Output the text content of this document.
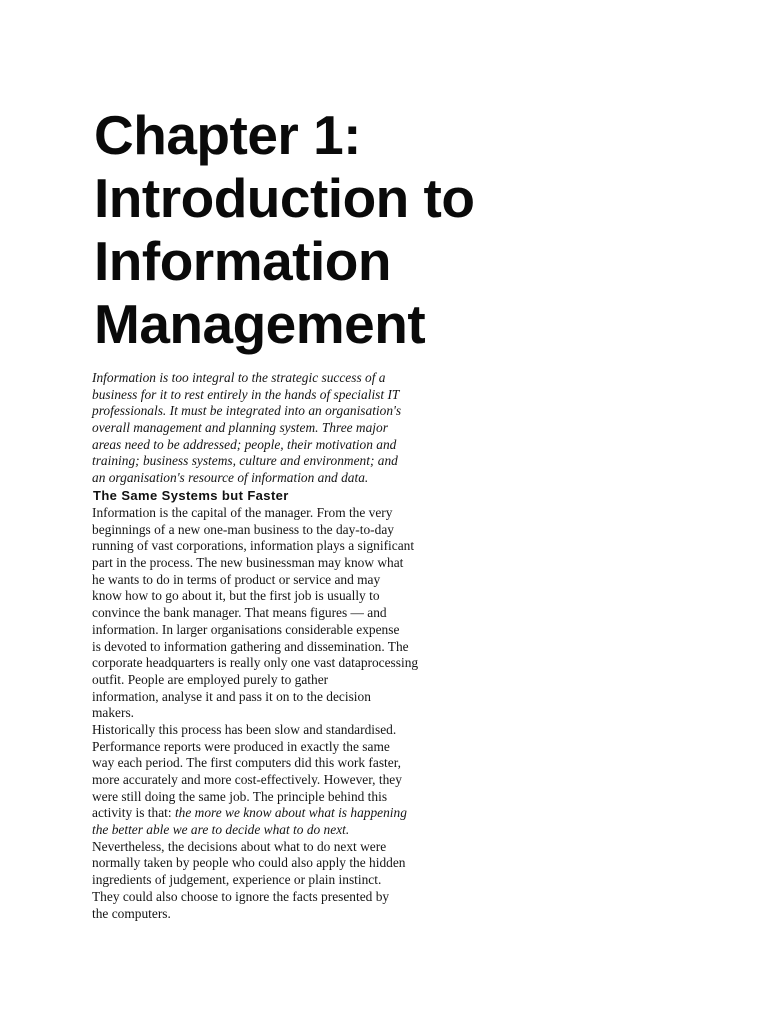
Chapter 1:
Introduction to
Information
Management
Information is too integral to the strategic success of a
business for it to rest entirely in the hands of specialist IT
professionals. It must be integrated into an organisation's
overall management and planning system. Three major
areas need to be addressed; people, their motivation and
training; business systems, culture and environment; and
an organisation's resource of information and data.
The Same Systems but Faster
Information is the capital of the manager. From the very
beginnings of a new one-man business to the day-to-day
running of vast corporations, information plays a significant
part in the process. The new businessman may know what
he wants to do in terms of product or service and may
know how to go about it, but the first job is usually to
convince the bank manager. That means figures — and
information. In larger organisations considerable expense
is devoted to information gathering and dissemination. The
corporate headquarters is really only one vast dataprocessing
outfit. People are employed purely to gather
information, analyse it and pass it on to the decision
makers.
Historically this process has been slow and standardised.
Performance reports were produced in exactly the same
way each period. The first computers did this work faster,
more accurately and more cost-effectively. However, they
were still doing the same job. The principle behind this
activity is that: the more we know about what is happening
the better able we are to decide what to do next.
Nevertheless, the decisions about what to do next were
normally taken by people who could also apply the hidden
ingredients of judgement, experience or plain instinct.
They could also choose to ignore the facts presented by
the computers.
